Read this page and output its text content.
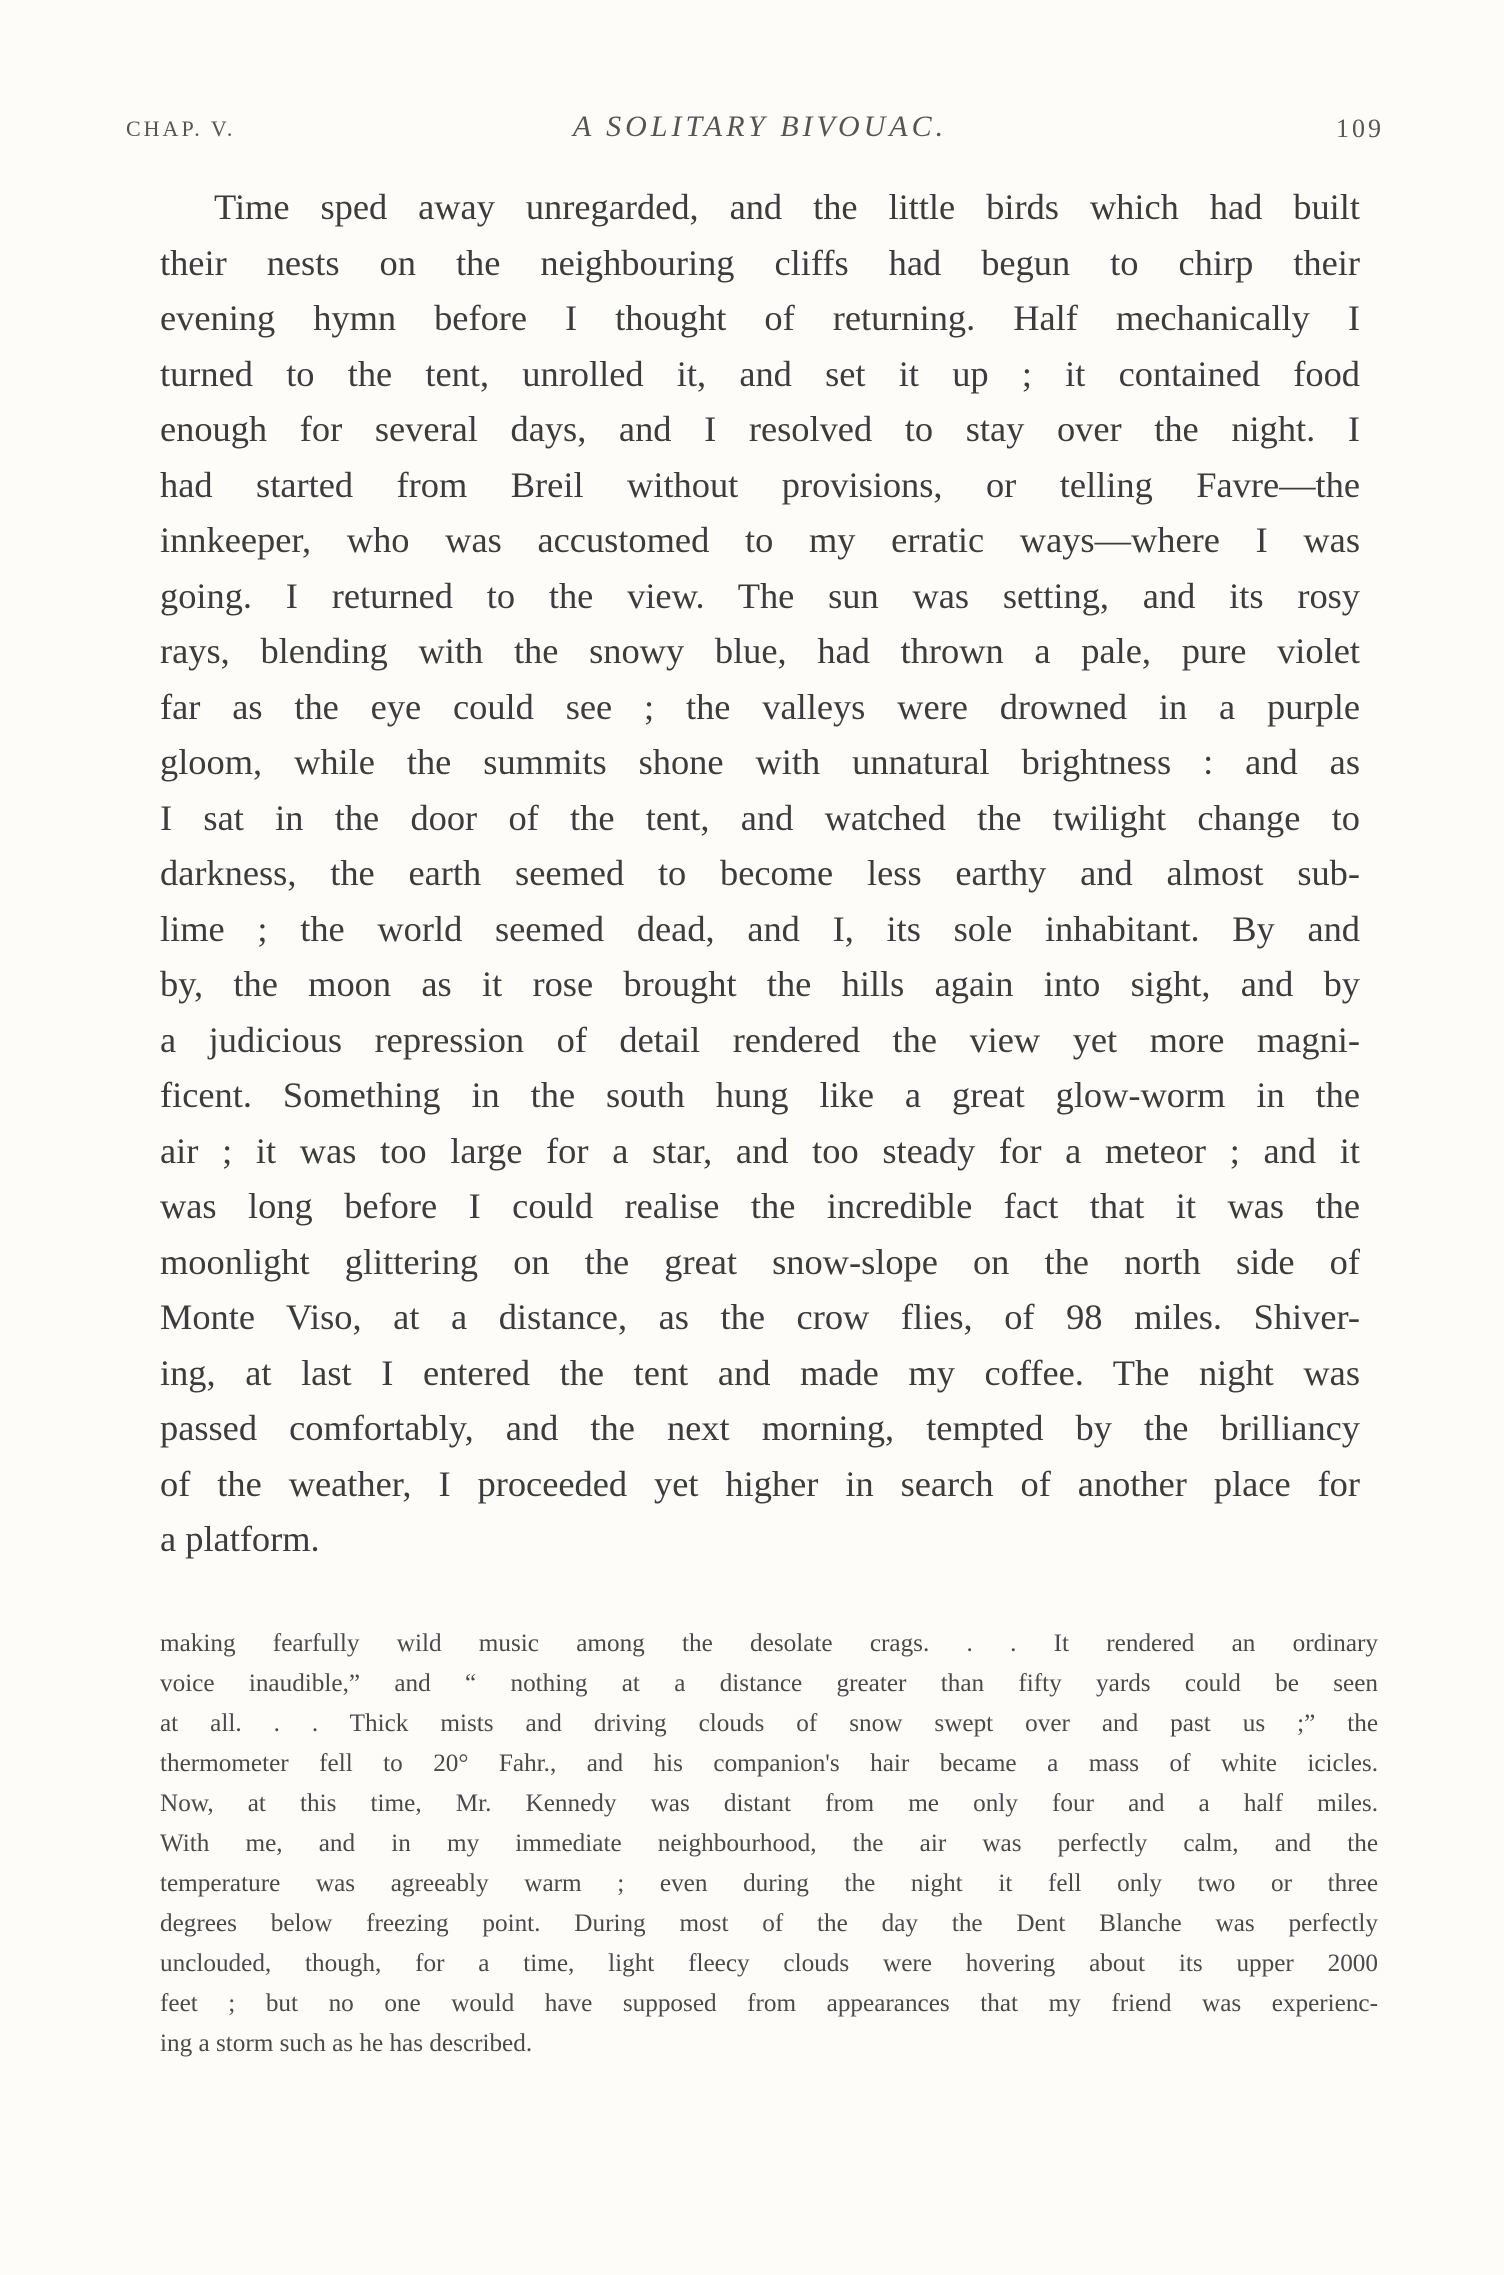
CHAP. V.	A SOLITARY BIVOUAC.	109
Time sped away unregarded, and the little birds which had built
their nests on the neighbouring cliffs had begun to chirp their
evening hymn before I thought of returning. Half mechanically I
turned to the tent, unrolled it, and set it up ; it contained food
enough for several days, and I resolved to stay over the night. I
had started from Breil without provisions, or telling Favre—the
innkeeper, who was accustomed to my erratic ways—where I was
going. I returned to the view. The sun was setting, and its rosy
rays, blending with the snowy blue, had thrown a pale, pure violet
far as the eye could see ; the valleys were drowned in a purple
gloom, while the summits shone with unnatural brightness : and as
I sat in the door of the tent, and watched the twilight change to
darkness, the earth seemed to become less earthy and almost sub-
lime ; the world seemed dead, and I, its sole inhabitant. By and
by, the moon as it rose brought the hills again into sight, and by
a judicious repression of detail rendered the view yet more magni-
ficent. Something in the south hung like a great glow-worm in the
air ; it was too large for a star, and too steady for a meteor ; and it
was long before I could realise the incredible fact that it was the
moonlight glittering on the great snow-slope on the north side of
Monte Viso, at a distance, as the crow flies, of 98 miles. Shiver-
ing, at last I entered the tent and made my coffee. The night was
passed comfortably, and the next morning, tempted by the brilliancy
of the weather, I proceeded yet higher in search of another place for
a platform.
making fearfully wild music among the desolate crags. . . It rendered an ordinary
voice inaudible,” and “ nothing at a distance greater than fifty yards could be seen
at all. . . Thick mists and driving clouds of snow swept over and past us ;” the
thermometer fell to 20° Fahr., and his companion's hair became a mass of white icicles.
Now, at this time, Mr. Kennedy was distant from me only four and a half miles.
With me, and in my immediate neighbourhood, the air was perfectly calm, and the
temperature was agreeably warm ; even during the night it fell only two or three
degrees below freezing point. During most of the day the Dent Blanche was perfectly
unclouded, though, for a time, light fleecy clouds were hovering about its upper 2000
feet ; but no one would have supposed from appearances that my friend was experienc-
ing a storm such as he has described.
